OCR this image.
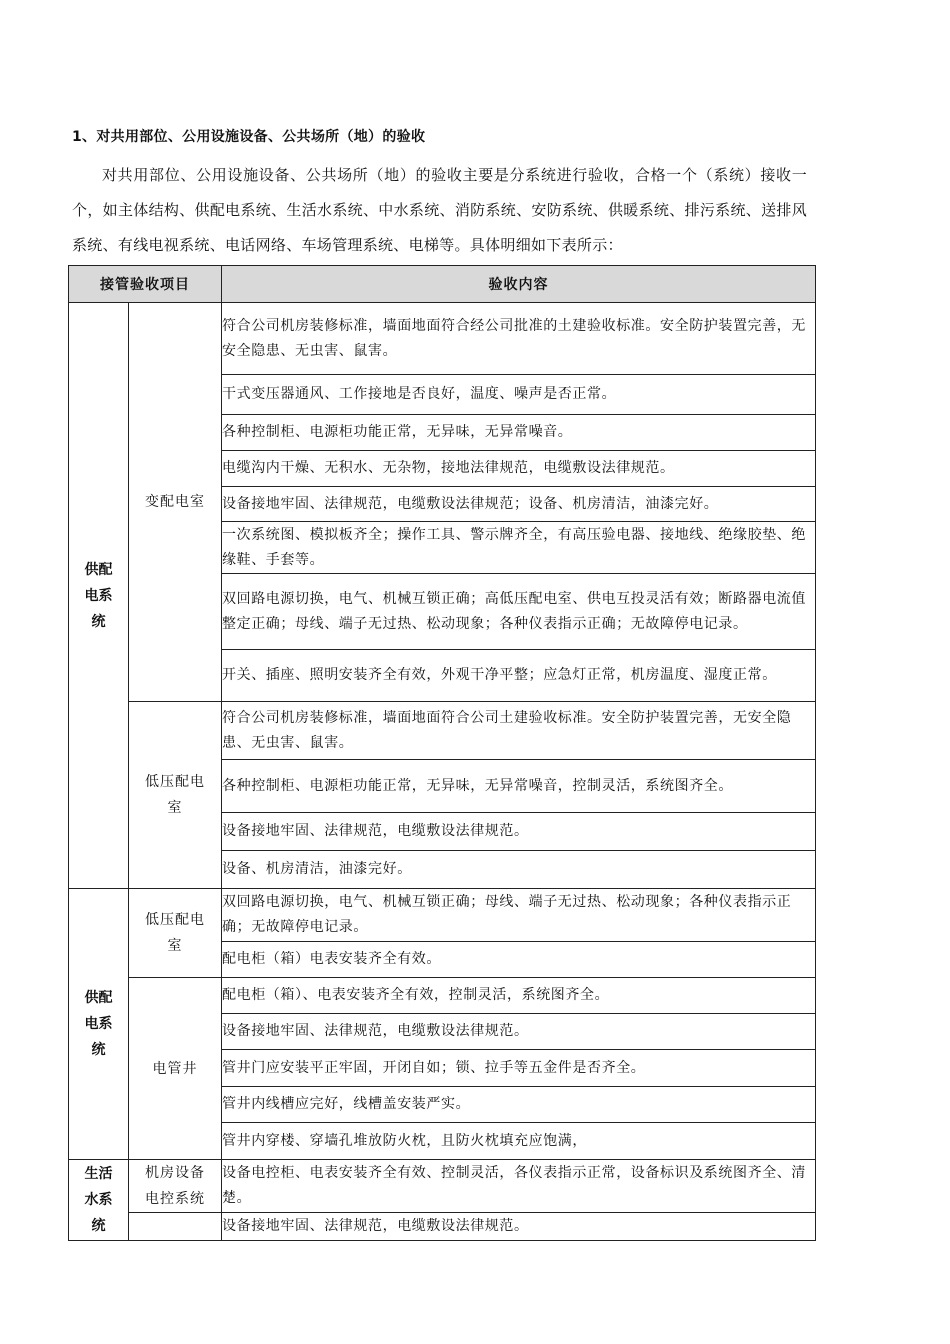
1、对共用部位、公用设施设备、公共场所（地）的验收
对共用部位、公用设施设备、公共场所（地）的验收主要是分系统进行验收，合格一个（系统）接收一个，如主体结构、供配电系统、生活水系统、中水系统、消防系统、安防系统、供暖系统、排污系统、送排风系统、有线电视系统、电话网络、车场管理系统、电梯等。具体明细如下表所示：
接管验收项目		验收内容
供配电系统	变配电室	符合公司机房装修标准，墙面地面符合经公司批准的土建验收标准。安全防护装置完善，无安全隐患、无虫害、鼠害。
		干式变压器通风、工作接地是否良好，温度、噪声是否正常。
		各种控制柜、电源柜功能正常，无异味，无异常噪音。
		电缆沟内干燥、无积水、无杂物，接地法律规范，电缆敷设法律规范。
		设备接地牢固、法律规范，电缆敷设法律规范；设备、机房清洁，油漆完好。
		一次系统图、模拟板齐全；操作工具、警示牌齐全，有高压验电器、接地线、绝缘胶垫、绝缘鞋、手套等。
		双回路电源切换，电气、机械互锁正确；高低压配电室、供电互投灵活有效；断路器电流值整定正确；母线、端子无过热、松动现象；各种仪表指示正确；无故障停电记录。
		开关、插座、照明安装齐全有效，外观干净平整；应急灯正常，机房温度、湿度正常。
	低压配电室	符合公司机房装修标准，墙面地面符合公司土建验收标准。安全防护装置完善，无安全隐患、无虫害、鼠害。
		各种控制柜、电源柜功能正常，无异味，无异常噪音，控制灵活，系统图齐全。
		设备接地牢固、法律规范，电缆敷设法律规范。
		设备、机房清洁，油漆完好。
供配电系统	低压配电室	双回路电源切换，电气、机械互锁正确；母线、端子无过热、松动现象；各种仪表指示正确；无故障停电记录。
		配电柜（箱）电表安装齐全有效。
	电管井	配电柜（箱）、电表安装齐全有效，控制灵活，系统图齐全。
		设备接地牢固、法律规范，电缆敷设法律规范。
		管井门应安装平正牢固，开闭自如；锁、拉手等五金件是否齐全。
		管井内线槽应完好，线槽盖安装严实。
		管井内穿楼、穿墙孔堆放防火枕，且防火枕填充应饱满，
生活水系统	机房设备电控系统	设备电控柜、电表安装齐全有效、控制灵活，各仪表指示正常，设备标识及系统图齐全、清楚。
		设备接地牢固、法律规范，电缆敷设法律规范。
